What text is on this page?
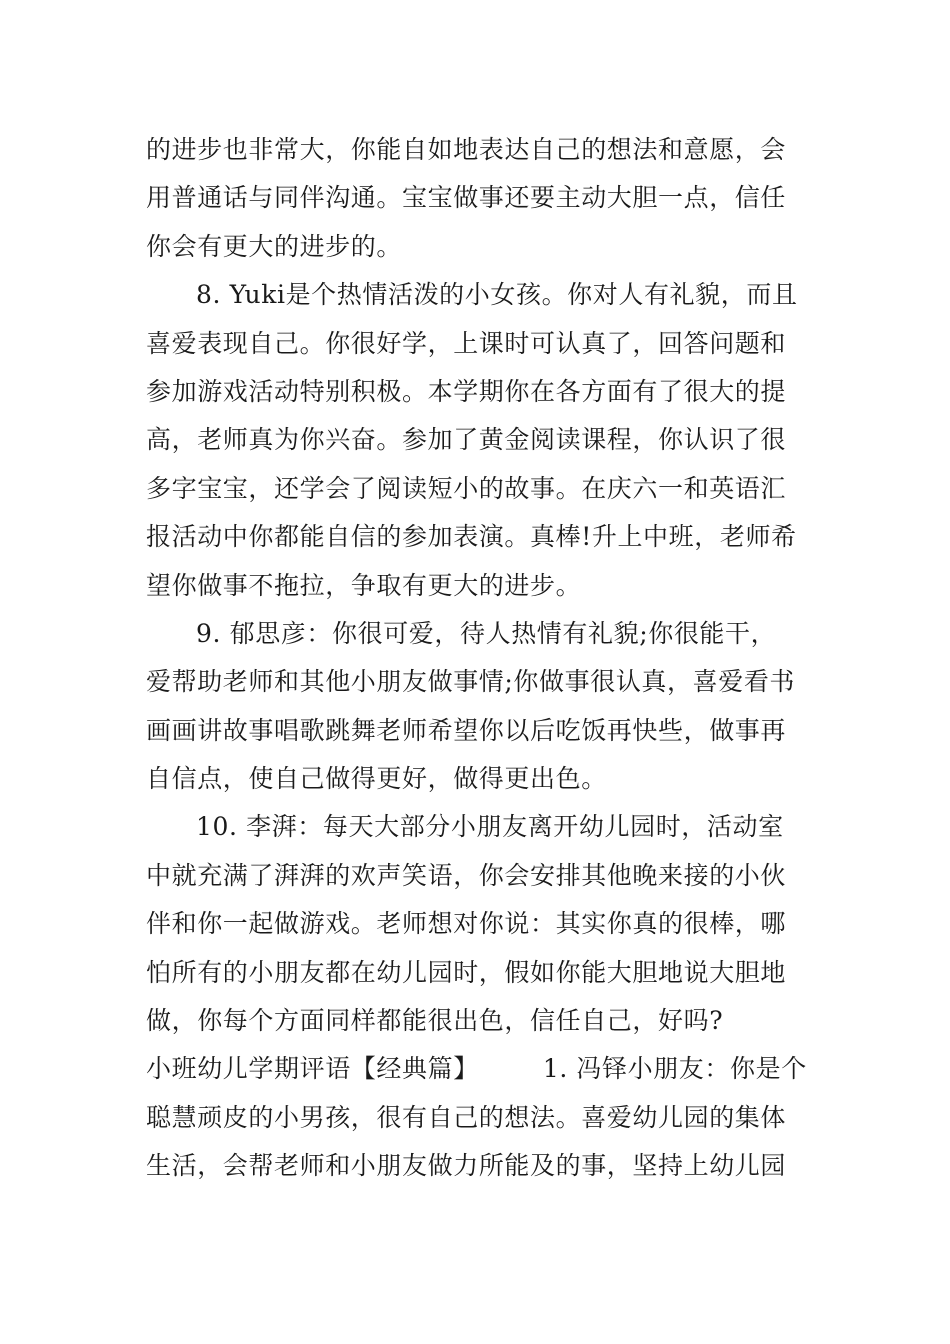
的进步也非常大，你能自如地表达自己的想法和意愿，会
用普通话与同伴沟通。宝宝做事还要主动大胆一点，信任
你会有更大的进步的。
8. Yuki是个热情活泼的小女孩。你对人有礼貌，而且
喜爱表现自己。你很好学，上课时可认真了，回答问题和
参加游戏活动特别积极。本学期你在各方面有了很大的提
高，老师真为你兴奋。参加了黄金阅读课程，你认识了很
多字宝宝，还学会了阅读短小的故事。在庆六一和英语汇
报活动中你都能自信的参加表演。真棒!升上中班，老师希
望你做事不拖拉，争取有更大的进步。
9. 郁思彦：你很可爱，待人热情有礼貌;你很能干，
爱帮助老师和其他小朋友做事情;你做事很认真，喜爱看书
画画讲故事唱歌跳舞老师希望你以后吃饭再快些，做事再
自信点，使自己做得更好，做得更出色。
10. 李湃：每天大部分小朋友离开幼儿园时，活动室
中就充满了湃湃的欢声笑语，你会安排其他晚来接的小伙
伴和你一起做游戏。老师想对你说：其实你真的很棒，哪
怕所有的小朋友都在幼儿园时，假如你能大胆地说大胆地
做，你每个方面同样都能很出色，信任自己，好吗?
小班幼儿学期评语【经典篇】	1. 冯铎小朋友：你是个
聪慧顽皮的小男孩，很有自己的想法。喜爱幼儿园的集体
生活，会帮老师和小朋友做力所能及的事，坚持上幼儿园
